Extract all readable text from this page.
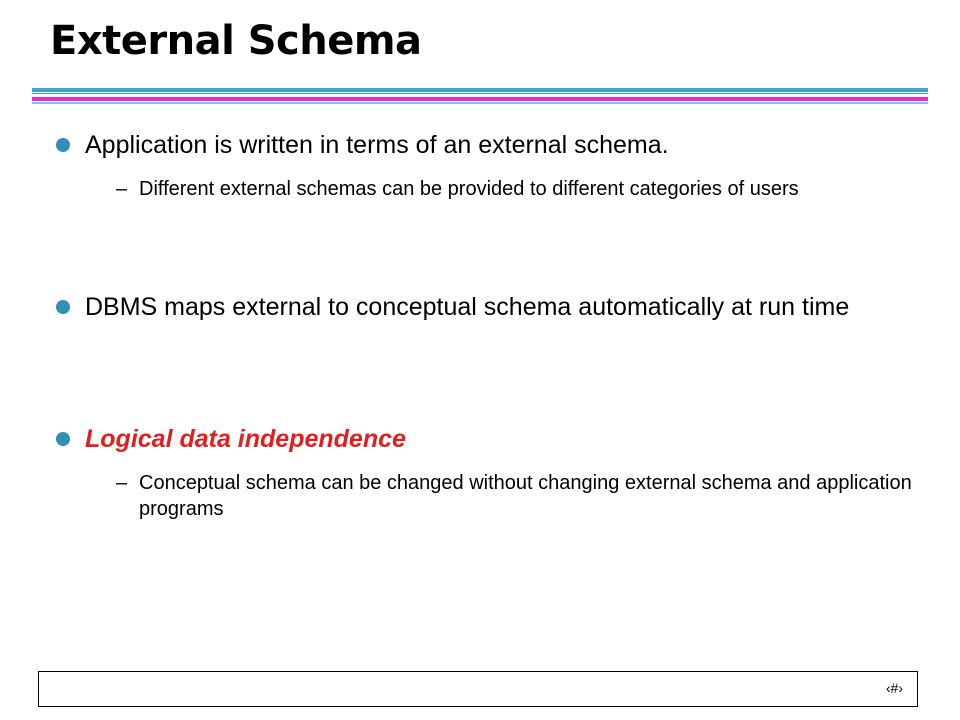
External Schema
Application is written in terms of an external schema.
– Different external schemas can be provided to different categories of users
DBMS maps external to conceptual schema automatically at run time
Logical data independence
– Conceptual schema can be changed without changing external schema and application programs
‹#›
